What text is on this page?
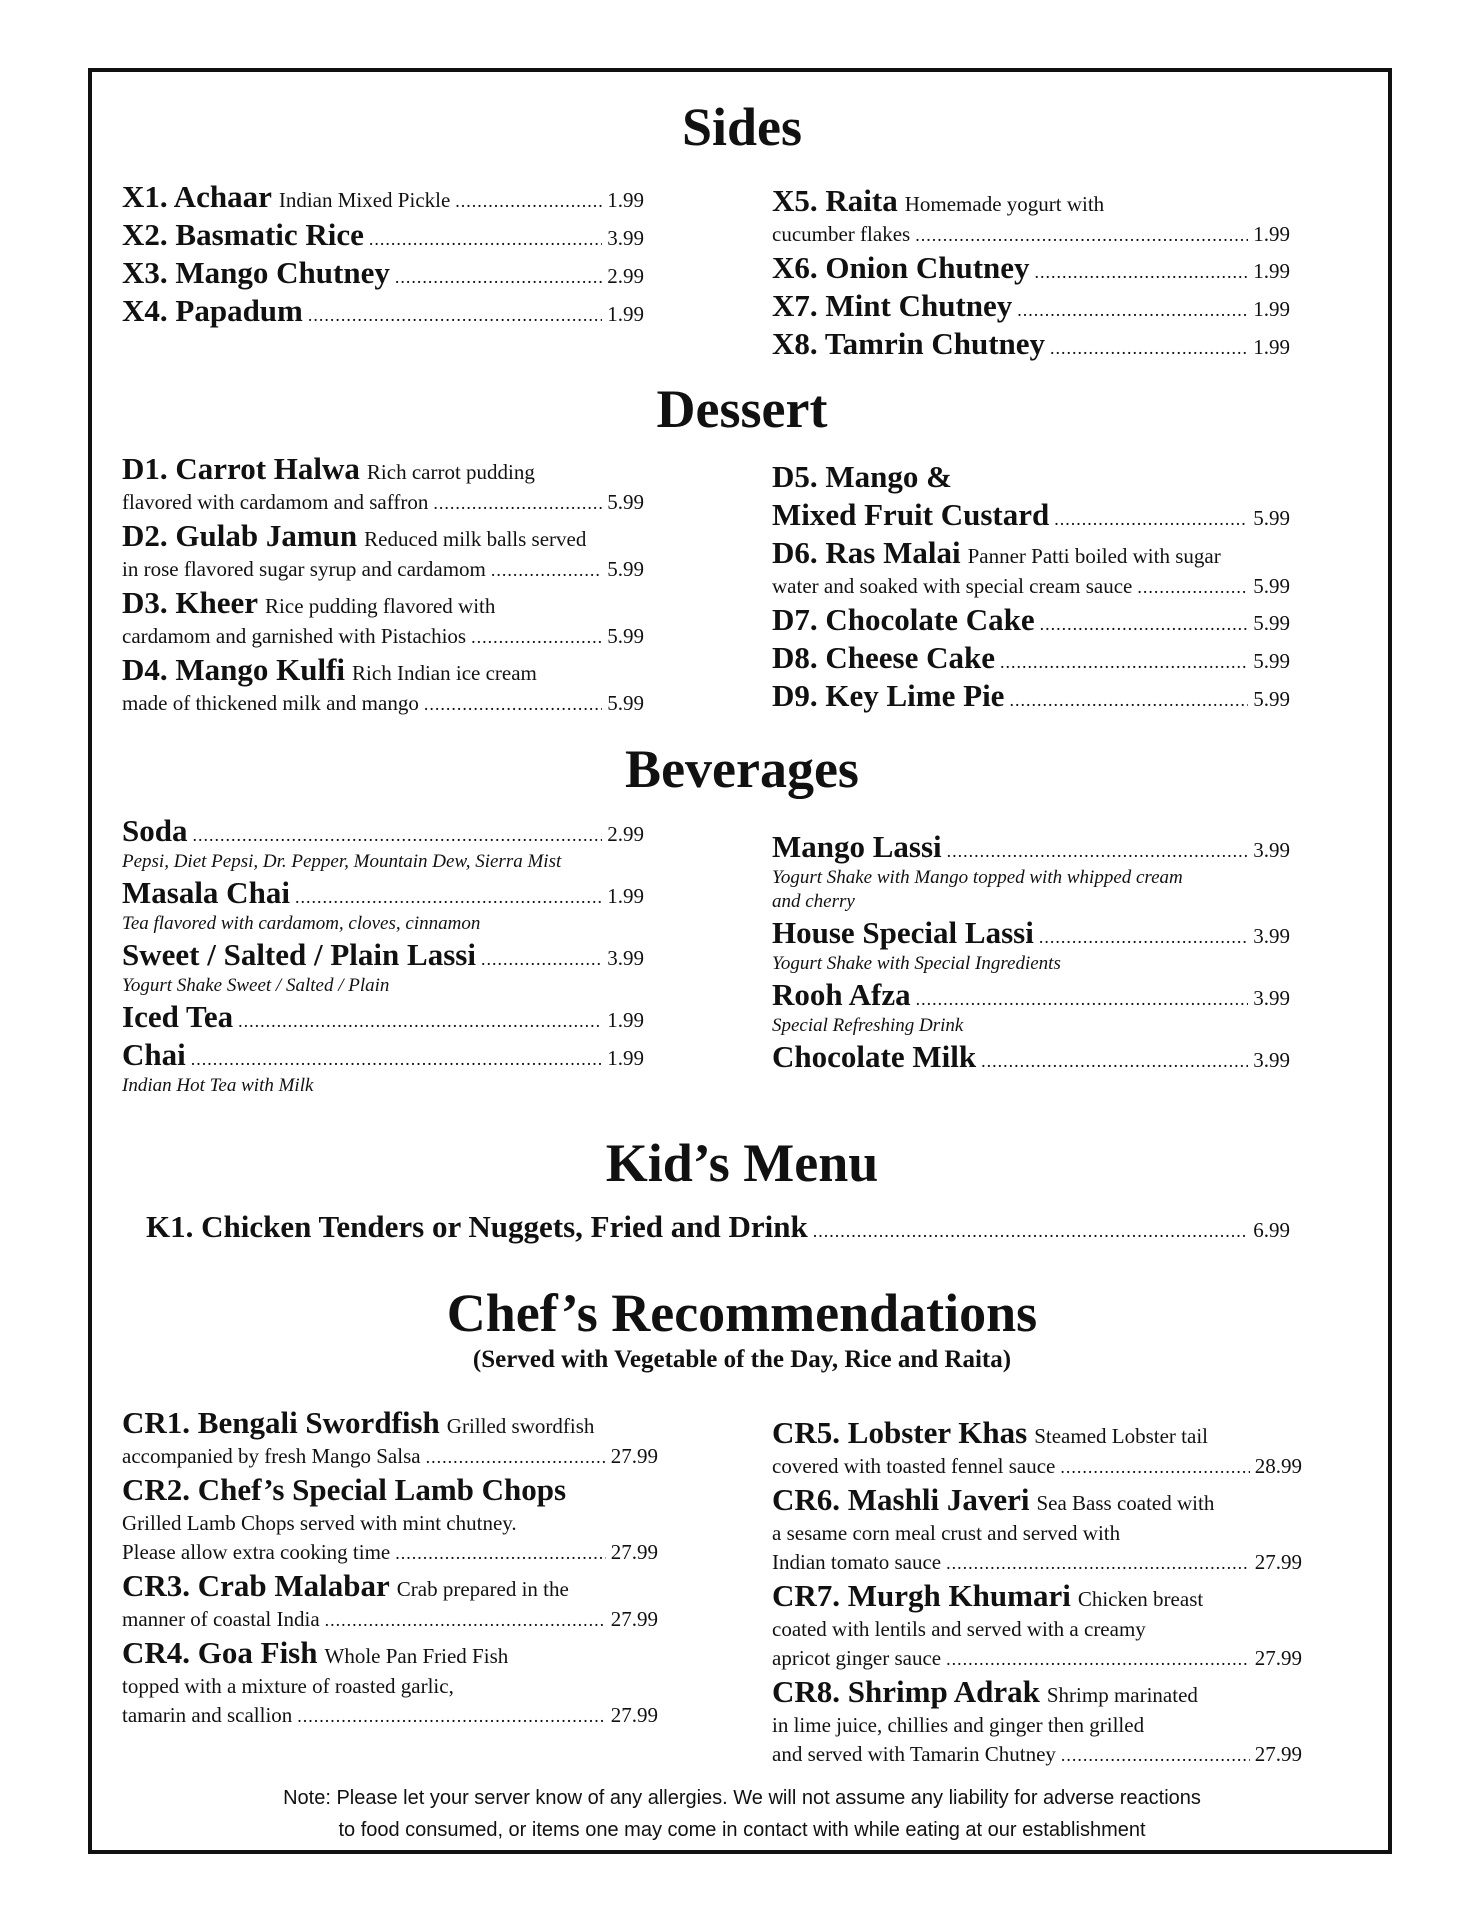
Sides
X1. Achaar Indian Mixed Pickle .....	1.99
X2. Basmatic Rice .....	3.99
X3. Mango Chutney .....	2.99
X4. Papadum .....	1.99
X5. Raita Homemade yogurt with
cucumber flakes .....	1.99
X6. Onion Chutney .....	1.99
X7. Mint Chutney .....	1.99
X8. Tamrin Chutney .....	1.99
Dessert
D1. Carrot Halwa Rich carrot pudding
flavored with cardamom and saffron .....	5.99
D2. Gulab Jamun Reduced milk balls served
in rose flavored sugar syrup and cardamom .....	5.99
D3. Kheer Rice pudding flavored with
cardamom and garnished with Pistachios .....	5.99
D4. Mango Kulfi Rich Indian ice cream
made of thickened milk and mango .....	5.99
D5. Mango &
Mixed Fruit Custard .....	5.99
D6. Ras Malai Panner Patti boiled with sugar
water and soaked with special cream sauce .....	5.99
D7. Chocolate Cake .....	5.99
D8. Cheese Cake .....	5.99
D9. Key Lime Pie .....	5.99
Beverages
Soda .....	2.99
Pepsi, Diet Pepsi, Dr. Pepper, Mountain Dew, Sierra Mist
Masala Chai .....	1.99
Tea flavored with cardamom, cloves, cinnamon
Sweet / Salted / Plain Lassi .....	3.99
Yogurt Shake Sweet / Salted / Plain
Iced Tea .....	1.99
Chai .....	1.99
Indian Hot Tea with Milk
Mango Lassi .....	3.99
Yogurt Shake with Mango topped with whipped cream
and cherry
House Special Lassi .....	3.99
Yogurt Shake with Special Ingredients
Rooh Afza .....	3.99
Special Refreshing Drink
Chocolate Milk .....	3.99
Kid’s Menu
K1. Chicken Tenders or Nuggets, Fried and Drink .....	6.99
Chef’s Recommendations
(Served with Vegetable of the Day, Rice and Raita)
CR1. Bengali Swordfish Grilled swordfish
accompanied by fresh Mango Salsa .....	27.99
CR2. Chef’s Special Lamb Chops
Grilled Lamb Chops served with mint chutney.
Please allow extra cooking time .....	27.99
CR3. Crab Malabar Crab prepared in the
manner of coastal India .....	27.99
CR4. Goa Fish Whole Pan Fried Fish
topped with a mixture of roasted garlic,
tamarin and scallion .....	27.99
CR5. Lobster Khas Steamed Lobster tail
covered with toasted fennel sauce .....	28.99
CR6. Mashli Javeri Sea Bass coated with
a sesame corn meal crust and served with
Indian tomato sauce .....	27.99
CR7. Murgh Khumari Chicken breast
coated with lentils and served with a creamy
apricot ginger sauce .....	27.99
CR8. Shrimp Adrak Shrimp marinated
in lime juice, chillies and ginger then grilled
and served with Tamarin Chutney .....	27.99
Note: Please let your server know of any allergies. We will not assume any liability for adverse reactions
to food consumed, or items one may come in contact with while eating at our establishment
